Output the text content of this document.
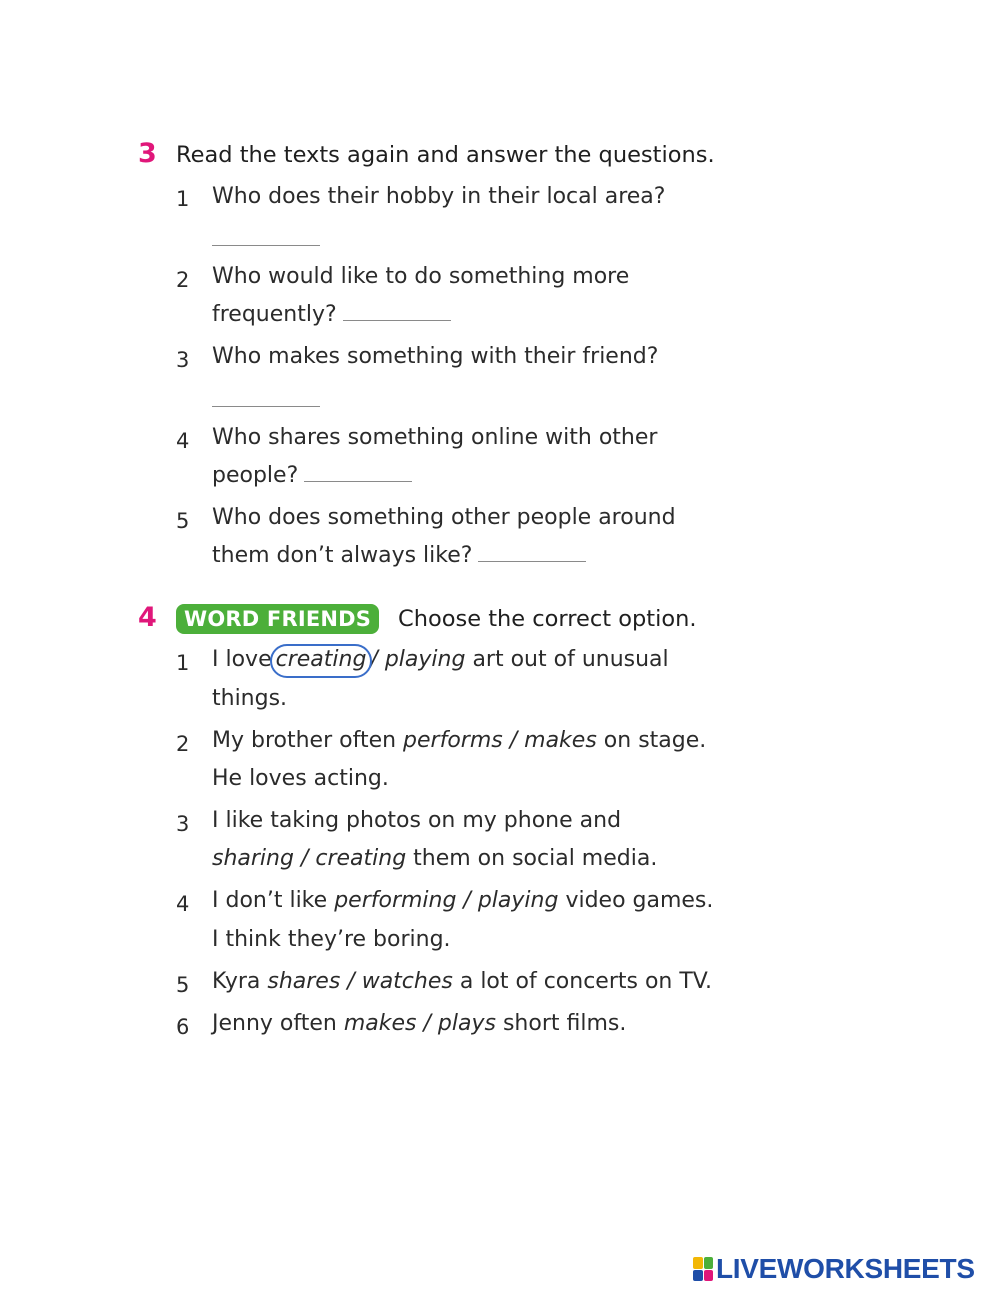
3 Read the texts again and answer the questions.
1 Who does their hobby in their local area?
2 Who would like to do something more
frequently?
3 Who makes something with their friend?
4 Who shares something online with other
people?
5 Who does something other people around
them don’t always like?
4	WORD FRIENDS	Choose the correct option.
1 I love creating / playing art out of unusual
things.
2 My brother often performs / makes on stage.
He loves acting.
3 I like taking photos on my phone and
sharing / creating them on social media.
4 I don’t like performing / playing video games.
I think they’re boring.
5 Kyra shares / watches a lot of concerts on TV.
6 Jenny often makes / plays short films.
LIVEWORKSHEETS
